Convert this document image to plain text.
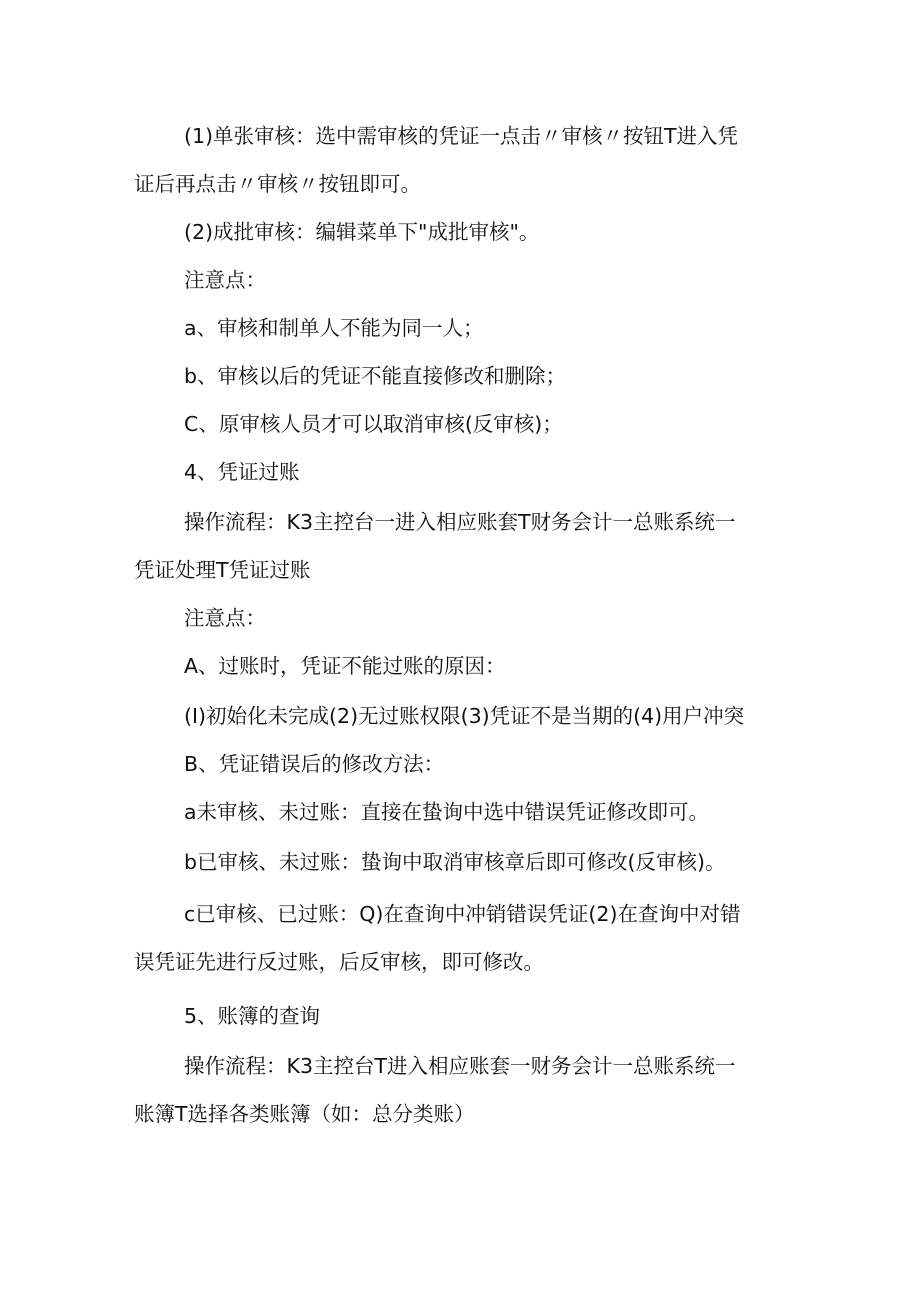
(1)单张审核：选中需审核的凭证一点击〃审核〃按钮T进入凭
证后再点击〃审核〃按钮即可。
(2)成批审核：编辑菜单下"成批审核"。
注意点：
a、审核和制单人不能为同一人；
b、审核以后的凭证不能直接修改和删除；
C、原审核人员才可以取消审核(反审核)；
4、凭证过账
操作流程：K3主控台一进入相应账套T财务会计一总账系统一
凭证处理T凭证过账
注意点：
A、过账时，凭证不能过账的原因：
(I)初始化未完成(2)无过账权限(3)凭证不是当期的(4)用户冲突
B、凭证错误后的修改方法：
a未审核、未过账：直接在蛰询中选中错误凭证修改即可。
b已审核、未过账：蛰询中取消审核章后即可修改(反审核)。
c已审核、已过账：Q)在查询中冲销错误凭证(2)在查询中对错
误凭证先进行反过账，后反审核，即可修改。
5、账簿的查询
操作流程：K3主控台T进入相应账套一财务会计一总账系统一
账簿T选择各类账簿（如：总分类账）
